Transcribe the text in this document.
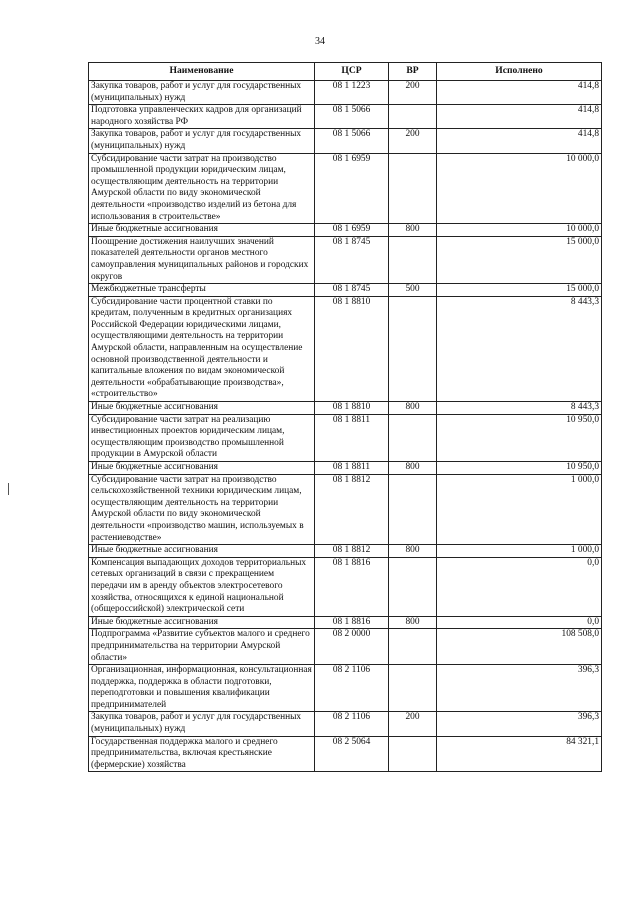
34
Наименование	ЦСР	ВР	Исполнено
Закупка товаров, работ и услуг для государственных (муниципальных) нужд	08 1 1223	200	414,8
Подготовка управленческих кадров для организаций народного хозяйства РФ	08 1 5066		414,8
Закупка товаров, работ и услуг для государственных (муниципальных) нужд	08 1 5066	200	414,8
Субсидирование части затрат на производство промышленной продукции юридическим лицам, осуществляющим деятельность на территории Амурской области по виду экономической деятельности «производство изделий из бетона для использования в строительстве»	08 1 6959		10 000,0
Иные бюджетные ассигнования	08 1 6959	800	10 000,0
Поощрение достижения наилучших значений показателей деятельности органов местного самоуправления муниципальных районов и городских округов	08 1 8745		15 000,0
Межбюджетные трансферты	08 1 8745	500	15 000,0
Субсидирование части процентной ставки по кредитам, полученным в кредитных организациях Российской Федерации юридическими лицами, осуществляющими деятельность на территории Амурской области, направленным на осуществление основной производственной деятельности и капитальные вложения по видам экономической деятельности «обрабатывающие производства», «строительство»	08 1 8810		8 443,3
Иные бюджетные ассигнования	08 1 8810	800	8 443,3
Субсидирование части затрат на реализацию инвестиционных проектов юридическим лицам, осуществляющим производство промышленной продукции в Амурской области	08 1 8811		10 950,0
Иные бюджетные ассигнования	08 1 8811	800	10 950,0
Субсидирование части затрат на производство сельскохозяйственной техники юридическим лицам, осуществляющим деятельность на территории Амурской области по виду экономической деятельности «производство машин, используемых в растениеводстве»	08 1 8812		1 000,0
Иные бюджетные ассигнования	08 1 8812	800	1 000,0
Компенсация выпадающих доходов территориальных сетевых организаций в связи с прекращением передачи им в аренду объектов электросетевого хозяйства, относящихся к единой национальной (общероссийской) электрической сети	08 1 8816		0,0
Иные бюджетные ассигнования	08 1 8816	800	0,0
Подпрограмма «Развитие субъектов малого и среднего предпринимательства на территории Амурской области»	08 2 0000		108 508,0
Организационная, информационная, консультационная поддержка, поддержка в области подготовки, переподготовки и повышения квалификации предпринимателей	08 2 1106		396,3
Закупка товаров, работ и услуг для государственных (муниципальных) нужд	08 2 1106	200	396,3
Государственная поддержка малого и среднего предпринимательства, включая крестьянские (фермерские) хозяйства	08 2 5064		84 321,1
